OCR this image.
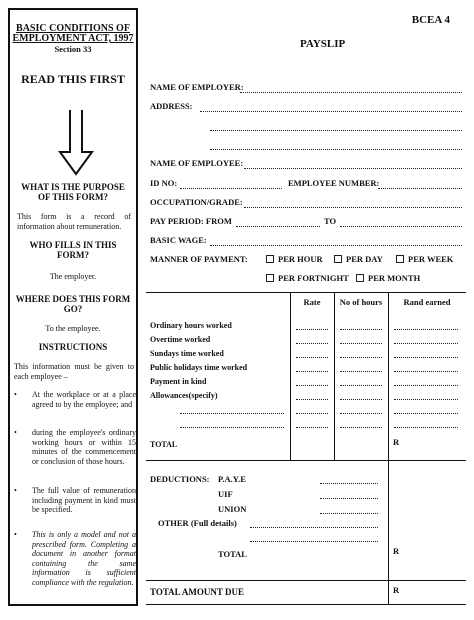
BCEA 4
PAYSLIP
BASIC CONDITIONS OF
EMPLOYMENT ACT, 1997
Section 33
READ THIS FIRST
WHAT IS THE PURPOSE
OF THIS FORM?
This form is a record of information about remuneration.
WHO FILLS IN THIS
FORM?
The employer.
WHERE DOES THIS FORM
GO?
To the employee.
INSTRUCTIONS
This information must be given to each employee –
• At the workplace or at a place agreed to by the employee; and
• during the employee's ordinary working hours or within 15 minutes of the commencement or conclusion of those hours.
• The full value of remuneration including payment in kind must be specified.
• This is only a model and not a prescribed form. Completing a document in another format containing the same information is sufficient compliance with the regulation.
NAME OF EMPLOYER:
ADDRESS:
NAME OF EMPLOYEE:
ID NO:	EMPLOYEE NUMBER:
OCCUPATION/GRADE:
PAY PERIOD: FROM	TO
BASIC WAGE:
MANNER OF PAYMENT:	PER HOUR	PER DAY	PER WEEK
PER FORTNIGHT	PER MONTH
Rate	No of hours	Rand earned
Ordinary hours worked
Overtime worked
Sundays time worked
Public holidays time worked
Payment in kind
Allowances(specify)
TOTAL	R
DEDUCTIONS: P.A.Y.E
UIF
UNION
OTHER (Full details)
TOTAL	R
TOTAL AMOUNT DUE	R
